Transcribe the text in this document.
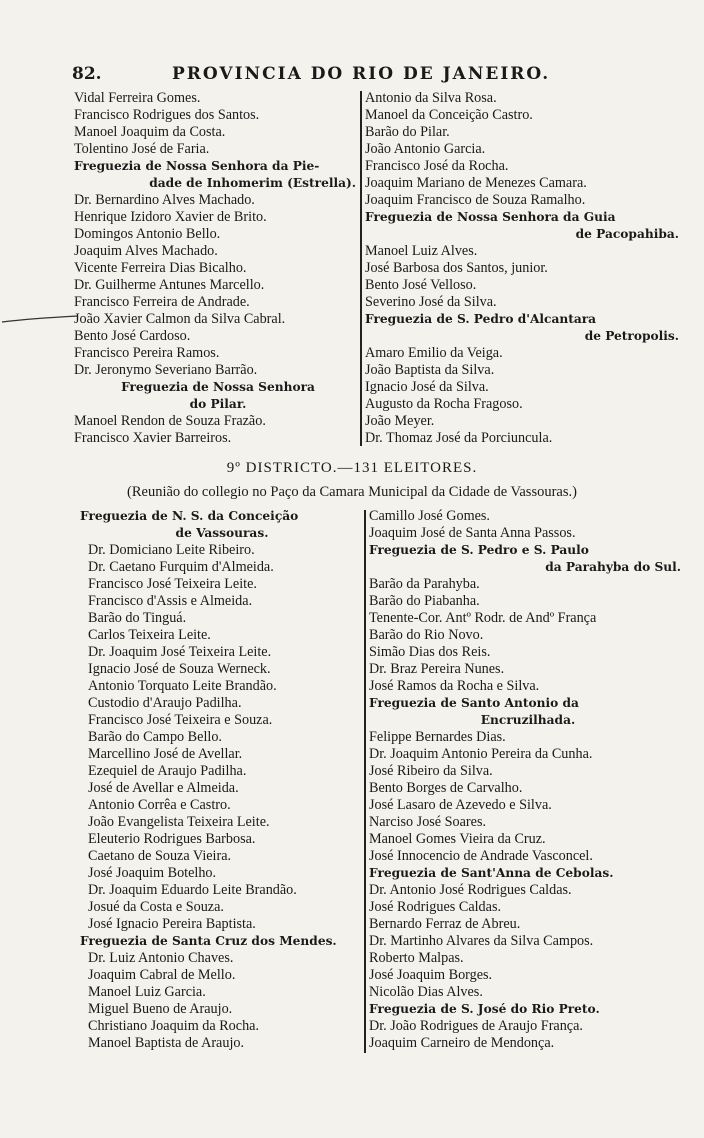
82.	PROVINCIA DO RIO DE JANEIRO.
Vidal Ferreira Gomes.
Francisco Rodrigues dos Santos.
Manoel Joaquim da Costa.
Tolentino José de Faria.
Freguezia de Nossa Senhora da Pie-
dade de Inhomerim (Estrella).
Dr. Bernardino Alves Machado.
Henrique Izidoro Xavier de Brito.
Domingos Antonio Bello.
Joaquim Alves Machado.
Vicente Ferreira Dias Bicalho.
Dr. Guilherme Antunes Marcello.
Francisco Ferreira de Andrade.
João Xavier Calmon da Silva Cabral.
Bento José Cardoso.
Francisco Pereira Ramos.
Dr. Jeronymo Severiano Barrão.
Freguezia de Nossa Senhora
do Pilar.
Manoel Rendon de Souza Frazão.
Francisco Xavier Barreiros.
Antonio da Silva Rosa.
Manoel da Conceição Castro.
Barão do Pilar.
João Antonio Garcia.
Francisco José da Rocha.
Joaquim Mariano de Menezes Camara.
Joaquim Francisco de Souza Ramalho.
Freguezia de Nossa Senhora da Guia
de Pacopahiba.
Manoel Luiz Alves.
José Barbosa dos Santos, junior.
Bento José Velloso.
Severino José da Silva.
Freguezia de S. Pedro d'Alcantara
de Petropolis.
Amaro Emilio da Veiga.
João Baptista da Silva.
Ignacio José da Silva.
Augusto da Rocha Fragoso.
João Meyer.
Dr. Thomaz José da Porciuncula.
9º DISTRICTO.—131 ELEITORES.
(Reunião do collegio no Paço da Camara Municipal da Cidade de Vassouras.)
Freguezia de N. S. da Conceição
de Vassouras.
Dr. Domiciano Leite Ribeiro.
Dr. Caetano Furquim d'Almeida.
Francisco José Teixeira Leite.
Francisco d'Assis e Almeida.
Barão do Tinguá.
Carlos Teixeira Leite.
Dr. Joaquim José Teixeira Leite.
Ignacio José de Souza Werneck.
Antonio Torquato Leite Brandão.
Custodio d'Araujo Padilha.
Francisco José Teixeira e Souza.
Barão do Campo Bello.
Marcellino José de Avellar.
Ezequiel de Araujo Padilha.
José de Avellar e Almeida.
Antonio Corrêa e Castro.
João Evangelista Teixeira Leite.
Eleuterio Rodrigues Barbosa.
Caetano de Souza Vieira.
José Joaquim Botelho.
Dr. Joaquim Eduardo Leite Brandão.
Josué da Costa e Souza.
José Ignacio Pereira Baptista.
Freguezia de Santa Cruz dos Mendes.
Dr. Luiz Antonio Chaves.
Joaquim Cabral de Mello.
Manoel Luiz Garcia.
Miguel Bueno de Araujo.
Christiano Joaquim da Rocha.
Manoel Baptista de Araujo.
Camillo José Gomes.
Joaquim José de Santa Anna Passos.
Freguezia de S. Pedro e S. Paulo
da Parahyba do Sul.
Barão da Parahyba.
Barão do Piabanha.
Tenente-Cor. Antº Rodr. de Andº França
Barão do Rio Novo.
Simão Dias dos Reis.
Dr. Braz Pereira Nunes.
José Ramos da Rocha e Silva.
Freguezia de Santo Antonio da
Encruzilhada.
Felippe Bernardes Dias.
Dr. Joaquim Antonio Pereira da Cunha.
José Ribeiro da Silva.
Bento Borges de Carvalho.
José Lasaro de Azevedo e Silva.
Narciso José Soares.
Manoel Gomes Vieira da Cruz.
José Innocencio de Andrade Vasconcel.
Freguezia de Sant'Anna de Cebolas.
Dr. Antonio José Rodrigues Caldas.
José Rodrigues Caldas.
Bernardo Ferraz de Abreu.
Dr. Martinho Alvares da Silva Campos.
Roberto Malpas.
José Joaquim Borges.
Nicolão Dias Alves.
Freguezia de S. José do Rio Preto.
Dr. João Rodrigues de Araujo França.
Joaquim Carneiro de Mendonça.
